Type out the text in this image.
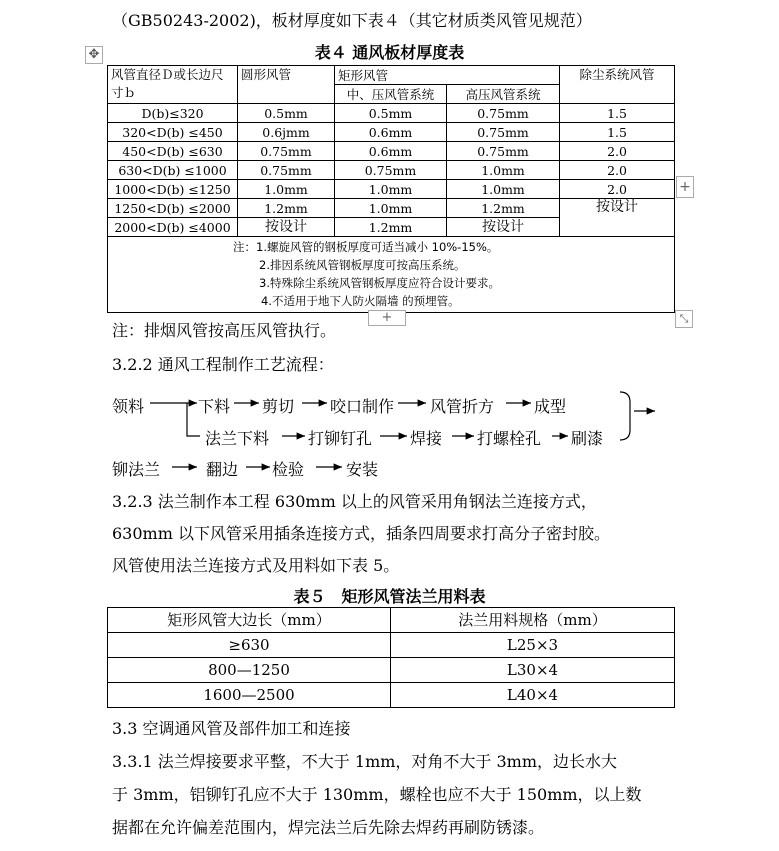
（GB50243-2002)，板材厚度如下表４（其它材质类风管见规范）
✥	表４ 通风板材厚度表
风管直径Ｄ或长边尺寸ｂ	圆形风管	矩形风管		除尘系统风管
		中、压风管系统	高压风管系统	
D(b)≤320	0.5mm	0.5mm	0.75mm	1.5
320<D(b) ≤450	0.6jmm	0.6mm	0.75mm	1.5
450<D(b) ≤630	0.75mm	0.6mm	0.75mm	2.0
630<D(b) ≤1000	0.75mm	0.75mm	1.0mm	2.0
1000<D(b) ≤1250	1.0mm	1.0mm	1.0mm	2.0
1250<D(b) ≤2000	1.2mm	1.0mm	1.2mm	按设计
2000<D(b) ≤4000	按设计	1.2mm	按设计	

注：1.螺旋风管的钢板厚度可适当减小 10%-15%。
2.排因系统风管钢板厚度可按高压系统。
3.特殊除尘系统风管钢板厚度应符合设计要求。
4.不适用于地下人防火隔墙 的预埋管。				
+
+	⤡
注：排烟风管按高压风管执行。
3.2.2 通风工程制作工艺流程：
领料	下料 剪切 咬口制作 风管折方 成型
法兰下料 打铆钉孔 焊接 打螺栓孔 刷漆
铆法兰	翻边 检验	安装
3.2.3 法兰制作本工程 630mm 以上的风管采用角钢法兰连接方式，
630mm 以下风管采用插条连接方式，插条四周要求打高分子密封胶。
风管使用法兰连接方式及用料如下表 5。
表５　矩形风管法兰用料表
矩形风管大边长（mm）	法兰用料规格（mm）
≥630	L25×3
800—1250	L30×4
1600—2500	L40×4
3.3 空调通风管及部件加工和连接
3.3.1 法兰焊接要求平整，不大于 1mm，对角不大于 3mm，边长水大
于 3mm，铝铆钉孔应不大于 130mm，螺栓也应不大于 150mm，以上数
据都在允许偏差范围内，焊完法兰后先除去焊药再刷防锈漆。
